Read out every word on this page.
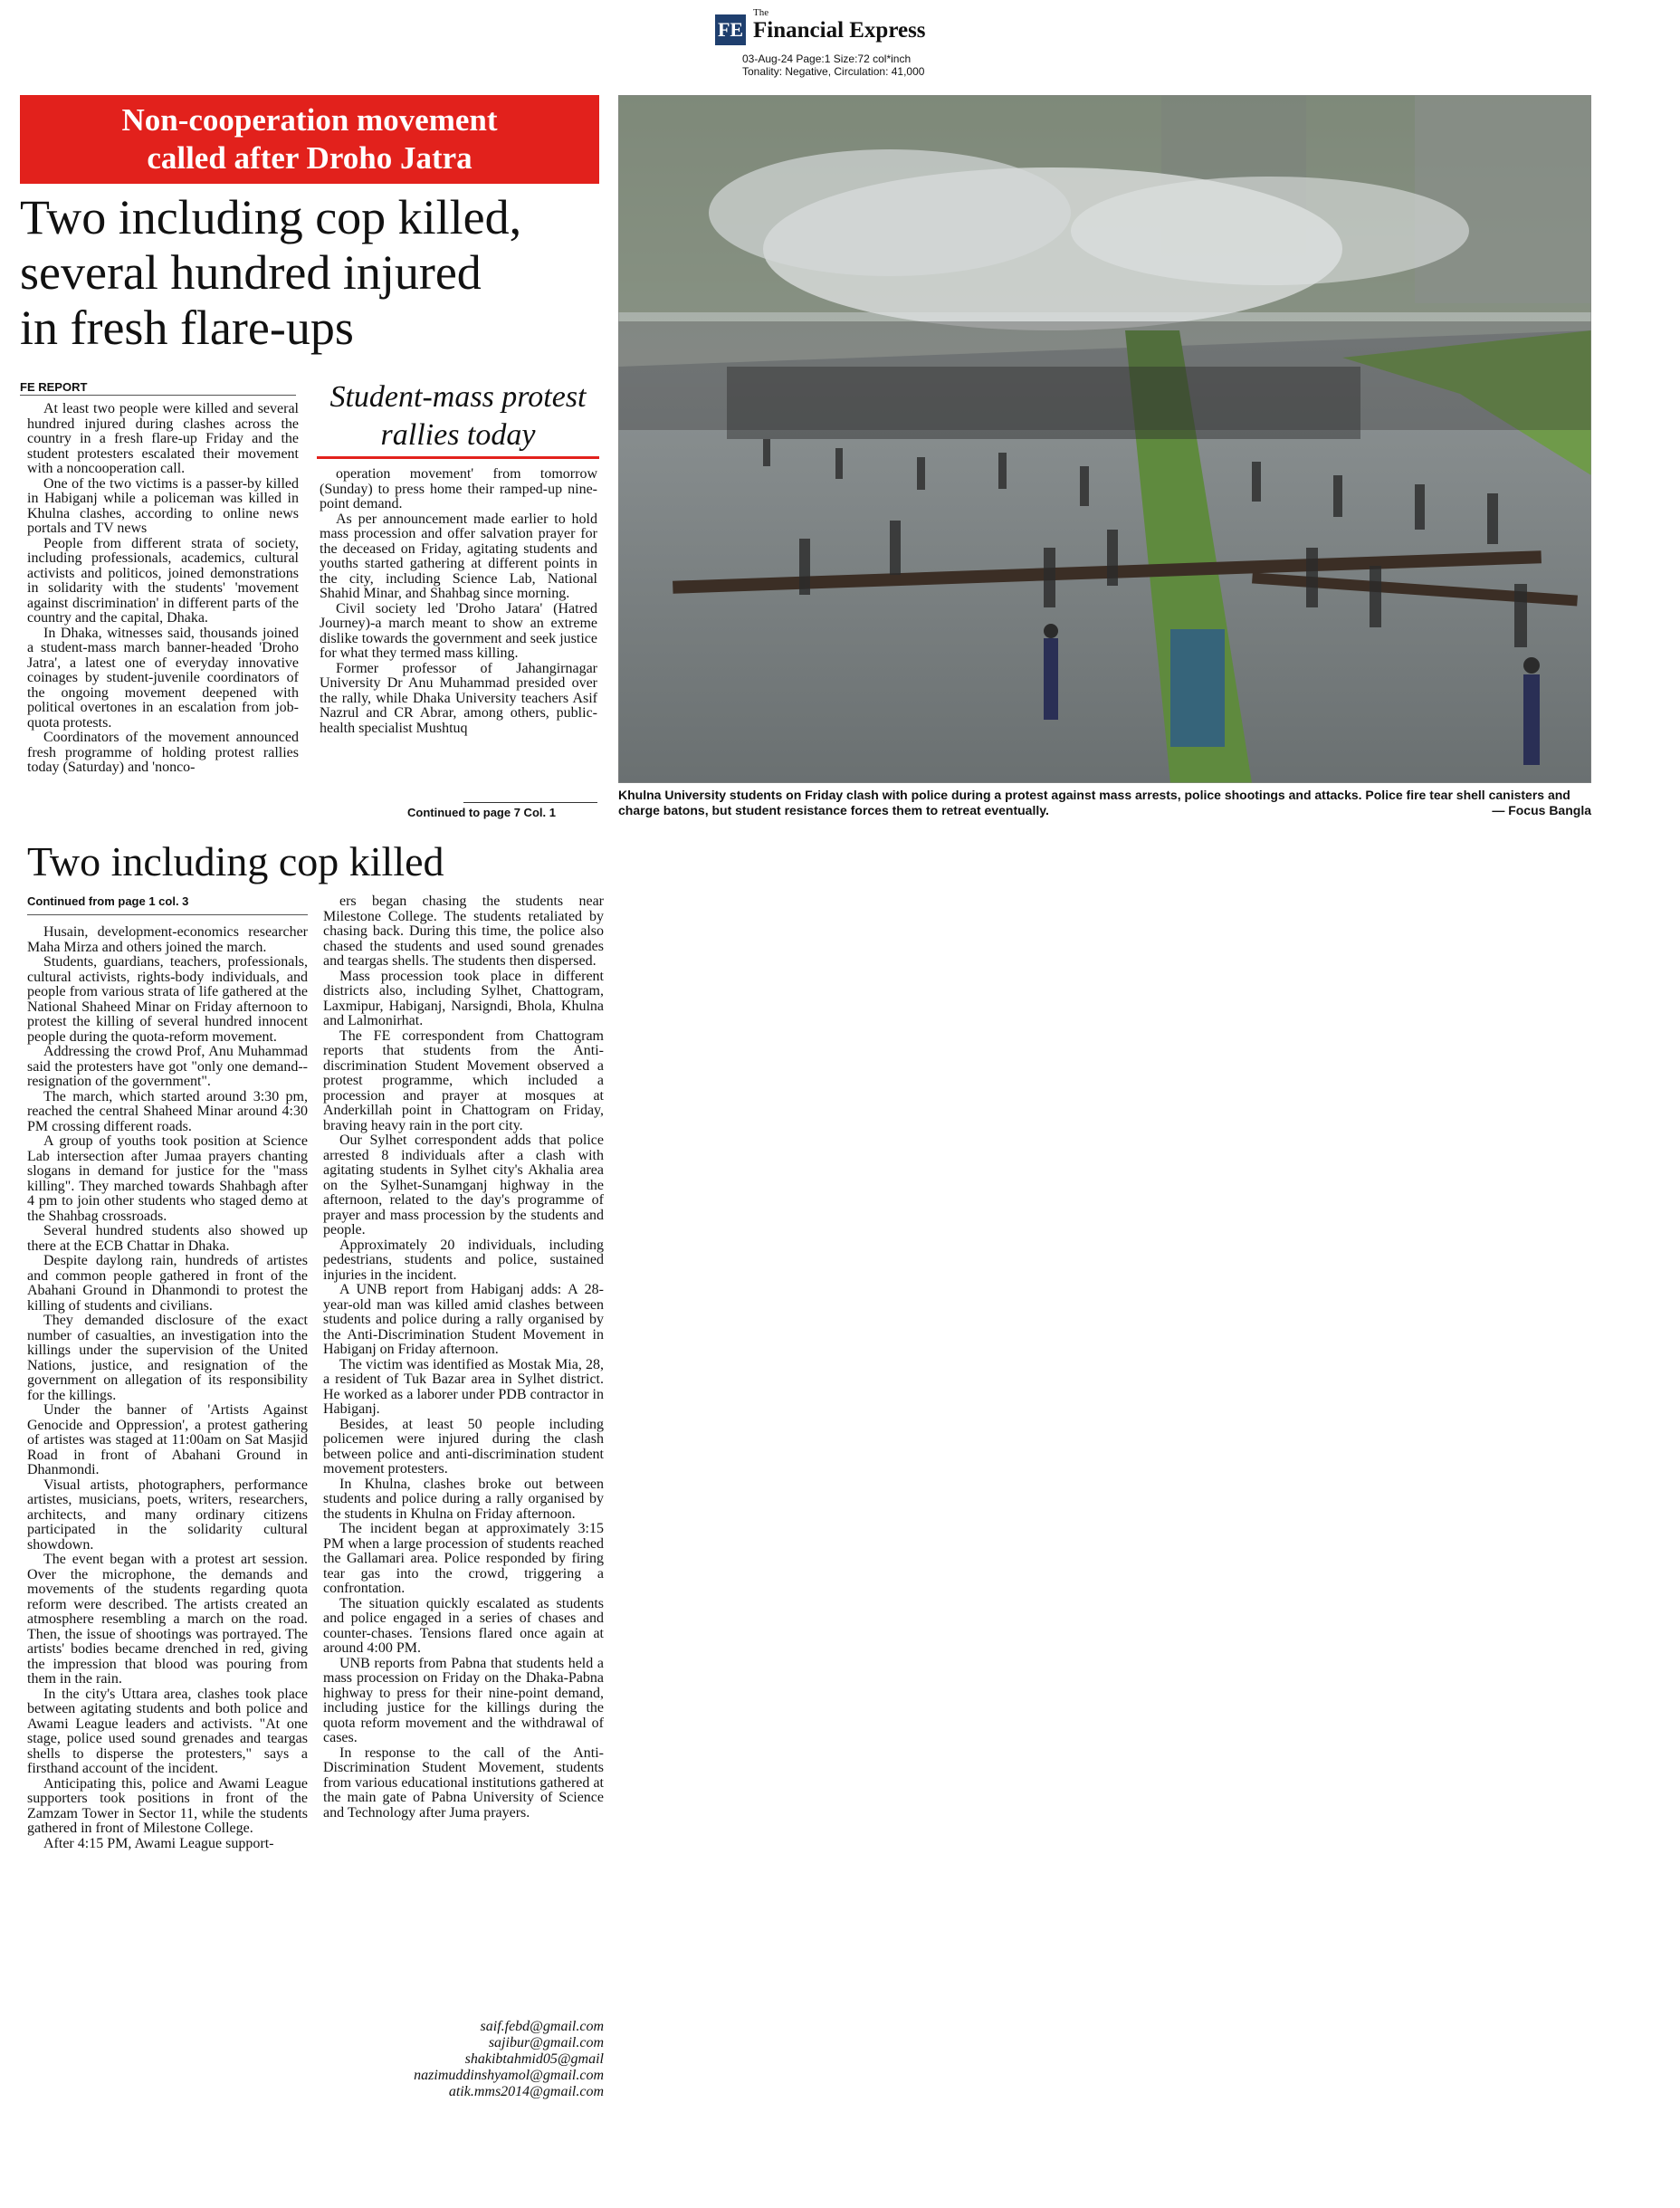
FE
The
Financial Express
03-Aug-24 Page:1 Size:72 col*inch
Tonality: Negative, Circulation: 41,000
Non-cooperation movement
called after Droho Jatra
Two including cop killed,
several hundred injured
in fresh flare-ups
FE REPORT	Student-mass protest
rallies today

At least two people were killed and several hundred injured during clashes across the country in a fresh flare-up Friday and the student protesters escalated their movement with a noncooperation call.

One of the two victims is a passer-by killed in Habiganj while a policeman was killed in Khulna clashes, according to online news portals and TV news

People from different strata of society, including professionals, academics, cultural activists and politicos, joined demonstrations in solidarity with the students' 'movement against discrimination' in different parts of the country and the capital, Dhaka.

In Dhaka, witnesses said, thousands joined a student-mass march banner-headed 'Droho Jatra', a latest one of everyday innovative coinages by student-juvenile coordinators of the ongoing movement deepened with political overtones in an escalation from job-quota protests.

Coordinators of the movement announced fresh programme of holding protest rallies today (Saturday) and 'nonco-

operation movement' from tomorrow (Sunday) to press home their ramped-up nine-point demand.

As per announcement made earlier to hold mass procession and offer salvation prayer for the deceased on Friday, agitating students and youths started gathering at different points in the city, including Science Lab, National Shahid Minar, and Shahbag since morning.

Civil society led 'Droho Jatara' (Hatred Journey)-a march meant to show an extreme dislike towards the government and seek justice for what they termed mass killing.

Former professor of Jahangirnagar University Dr Anu Muhammad presided over the rally, while Dhaka University teachers Asif Nazrul and CR Abrar, among others, public-health specialist Mushtuq

Continued to page 7 Col. 1
Khulna University students on Friday clash with police during a protest against mass arrests, police shootings and attacks. Police fire tear shell canisters and charge batons, but student resistance forces them to retreat eventually.	— Focus Bangla
Two including cop killed
Continued from page 1 col. 3

Husain, development-economics researcher Maha Mirza and others joined the march.

Students, guardians, teachers, professionals, cultural activists, rights-body individuals, and people from various strata of life gathered at the National Shaheed Minar on Friday afternoon to protest the killing of several hundred innocent people during the quota-reform movement.

Addressing the crowd Prof, Anu Muhammad said the protesters have got "only one demand--resignation of the government".

The march, which started around 3:30 pm, reached the central Shaheed Minar around 4:30 PM crossing different roads.

A group of youths took position at Science Lab intersection after Jumaa prayers chanting slogans in demand for justice for the "mass killing". They marched towards Shahbagh after 4 pm to join other students who staged demo at the Shahbag crossroads.

Several hundred students also showed up there at the ECB Chattar in Dhaka.

Despite daylong rain, hundreds of artistes and common people gathered in front of the Abahani Ground in Dhanmondi to protest the killing of students and civilians.

They demanded disclosure of the exact number of casualties, an investigation into the killings under the supervision of the United Nations, justice, and resignation of the government on allegation of its responsibility for the killings.

Under the banner of 'Artists Against Genocide and Oppression', a protest gathering of artistes was staged at 11:00am on Sat Masjid Road in front of Abahani Ground in Dhanmondi.

Visual artists, photographers, performance artistes, musicians, poets, writers, researchers, architects, and many ordinary citizens participated in the solidarity cultural showdown.

The event began with a protest art session. Over the microphone, the demands and movements of the students regarding quota reform were described. The artists created an atmosphere resembling a march on the road. Then, the issue of shootings was portrayed. The artists' bodies became drenched in red, giving the impression that blood was pouring from them in the rain.

In the city's Uttara area, clashes took place between agitating students and both police and Awami League leaders and activists. "At one stage, police used sound grenades and teargas shells to disperse the protesters," says a firsthand account of the incident.

Anticipating this, police and Awami League supporters took positions in front of the Zamzam Tower in Sector 11, while the students gathered in front of Milestone College.

After 4:15 PM, Awami League support-

ers began chasing the students near Milestone College. The students retaliated by chasing back. During this time, the police also chased the students and used sound grenades and teargas shells. The students then dispersed.

Mass procession took place in different districts also, including Sylhet, Chattogram, Laxmipur, Habiganj, Narsigndi, Bhola, Khulna and Lalmonirhat.

The FE correspondent from Chattogram reports that students from the Anti-discrimination Student Movement observed a protest programme, which included a procession and prayer at mosques at Anderkillah point in Chattogram on Friday, braving heavy rain in the port city.

Our Sylhet correspondent adds that police arrested 8 individuals after a clash with agitating students in Sylhet city's Akhalia area on the Sylhet-Sunamganj highway in the afternoon, related to the day's programme of prayer and mass procession by the students and people.

Approximately 20 individuals, including pedestrians, students and police, sustained injuries in the incident.

A UNB report from Habiganj adds: A 28-year-old man was killed amid clashes between students and police during a rally organised by the Anti-Discrimination Student Movement in Habiganj on Friday afternoon.

The victim was identified as Mostak Mia, 28, a resident of Tuk Bazar area in Sylhet district. He worked as a laborer under PDB contractor in Habiganj.

Besides, at least 50 people including policemen were injured during the clash between police and anti-discrimination student movement protesters.

In Khulna, clashes broke out between students and police during a rally organised by the students in Khulna on Friday afternoon.

The incident began at approximately 3:15 PM when a large procession of students reached the Gallamari area. Police responded by firing tear gas into the crowd, triggering a confrontation.

The situation quickly escalated as students and police engaged in a series of chases and counter-chases. Tensions flared once again at around 4:00 PM.

UNB reports from Pabna that students held a mass procession on Friday on the Dhaka-Pabna highway to press for their nine-point demand, including justice for the killings during the quota reform movement and the withdrawal of cases.

In response to the call of the Anti-Discrimination Student Movement, students from various educational institutions gathered at the main gate of Pabna University of Science and Technology after Juma prayers.

saif.febd@gmail.com
sajibur@gmail.com
shakibtahmid05@gmail
nazimuddinshyamol@gmail.com
atik.mms2014@gmail.com
